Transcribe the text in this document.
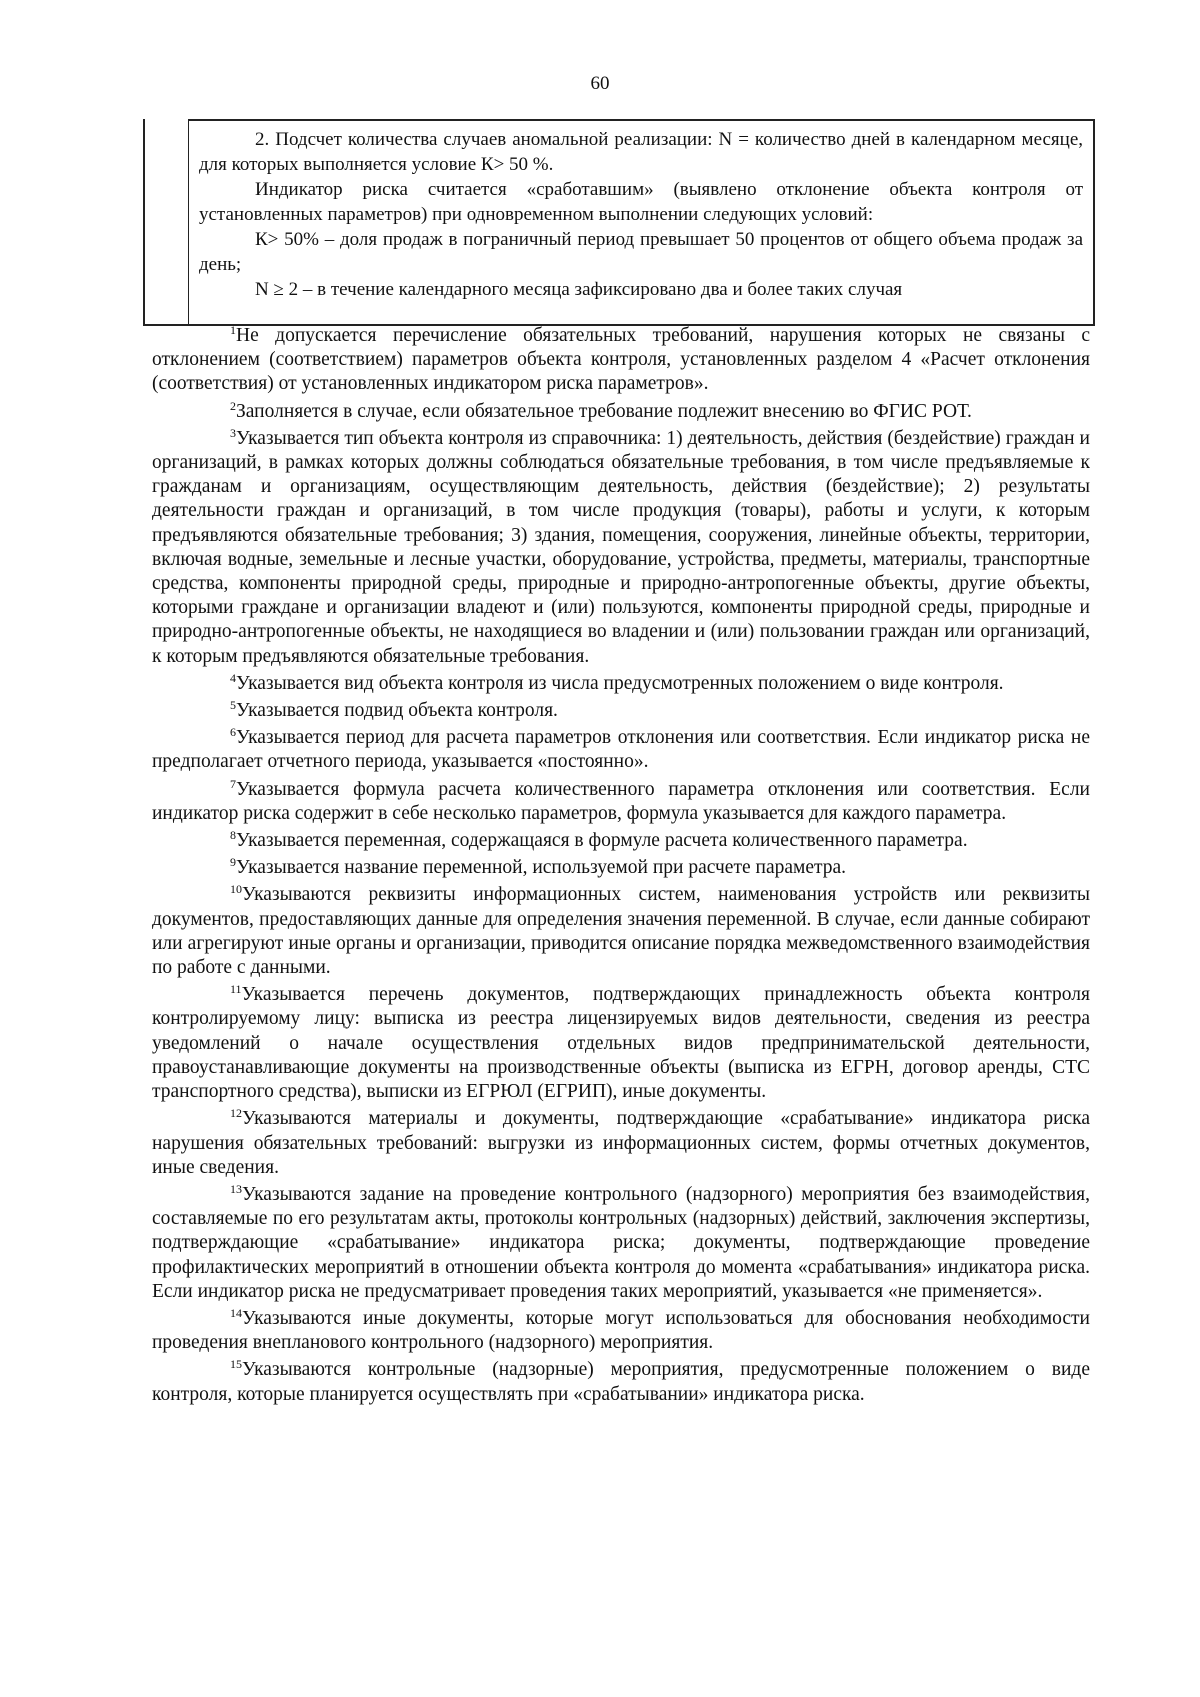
60

2. Подсчет количества случаев аномальной реализации: N = количество дней в календарном месяце, для которых выполняется условие К> 50 %.

Индикатор риска считается «сработавшим» (выявлено отклонение объекта контроля от установленных параметров) при одновременном выполнении следующих условий:

К> 50% – доля продаж в пограничный период превышает 50 процентов от общего объема продаж за день;

N ≥ 2 – в течение календарного месяца зафиксировано два и более таких случая

$^1$Не допускается перечисление обязательных требований, нарушения которых не связаны с отклонением (соответствием) параметров объекта контроля, установленных разделом 4 «Расчет отклонения (соответствия) от установленных индикатором риска параметров».

$^2$Заполняется в случае, если обязательное требование подлежит внесению во ФГИС РОТ.

$^3$Указывается тип объекта контроля из справочника: 1) деятельность, действия (бездействие) граждан и организаций, в рамках которых должны соблюдаться обязательные требования, в том числе предъявляемые к гражданам и организациям, осуществляющим деятельность, действия (бездействие); 2) результаты деятельности граждан и организаций, в том числе продукция (товары), работы и услуги, к которым предъявляются обязательные требования; 3) здания, помещения, сооружения, линейные объекты, территории, включая водные, земельные и лесные участки, оборудование, устройства, предметы, материалы, транспортные средства, компоненты природной среды, природные и природно-антропогенные объекты, другие объекты, которыми граждане и организации владеют и (или) пользуются, компоненты природной среды, природные и природно-антропогенные объекты, не находящиеся во владении и (или) пользовании граждан или организаций, к которым предъявляются обязательные требования.

$^4$Указывается вид объекта контроля из числа предусмотренных положением о виде контроля.

$^5$Указывается подвид объекта контроля.

$^6$Указывается период для расчета параметров отклонения или соответствия. Если индикатор риска не предполагает отчетного периода, указывается «постоянно».

$^7$Указывается формула расчета количественного параметра отклонения или соответствия. Если индикатор риска содержит в себе несколько параметров, формула указывается для каждого параметра.

$^8$Указывается переменная, содержащаяся в формуле расчета количественного параметра.

$^9$Указывается название переменной, используемой при расчете параметра.

$^{10}$Указываются реквизиты информационных систем, наименования устройств или реквизиты документов, предоставляющих данные для определения значения переменной. В случае, если данные собирают или агрегируют иные органы и организации, приводится описание порядка межведомственного взаимодействия по работе с данными.

$^{11}$Указывается перечень документов, подтверждающих принадлежность объекта контроля контролируемому лицу: выписка из реестра лицензируемых видов деятельности, сведения из реестра уведомлений о начале осуществления отдельных видов предпринимательской деятельности, правоустанавливающие документы на производственные объекты (выписка из ЕГРН, договор аренды, СТС транспортного средства), выписки из ЕГРЮЛ (ЕГРИП), иные документы.

$^{12}$Указываются материалы и документы, подтверждающие «срабатывание» индикатора риска нарушения обязательных требований: выгрузки из информационных систем, формы отчетных документов, иные сведения.

$^{13}$Указываются задание на проведение контрольного (надзорного) мероприятия без взаимодействия, составляемые по его результатам акты, протоколы контрольных (надзорных) действий, заключения экспертизы, подтверждающие «срабатывание» индикатора риска; документы, подтверждающие проведение профилактических мероприятий в отношении объекта контроля до момента «срабатывания» индикатора риска. Если индикатор риска не предусматривает проведения таких мероприятий, указывается «не применяется».

$^{14}$Указываются иные документы, которые могут использоваться для обоснования необходимости проведения внепланового контрольного (надзорного) мероприятия.

$^{15}$Указываются контрольные (надзорные) мероприятия, предусмотренные положением о виде контроля, которые планируется осуществлять при «срабатывании» индикатора риска.
